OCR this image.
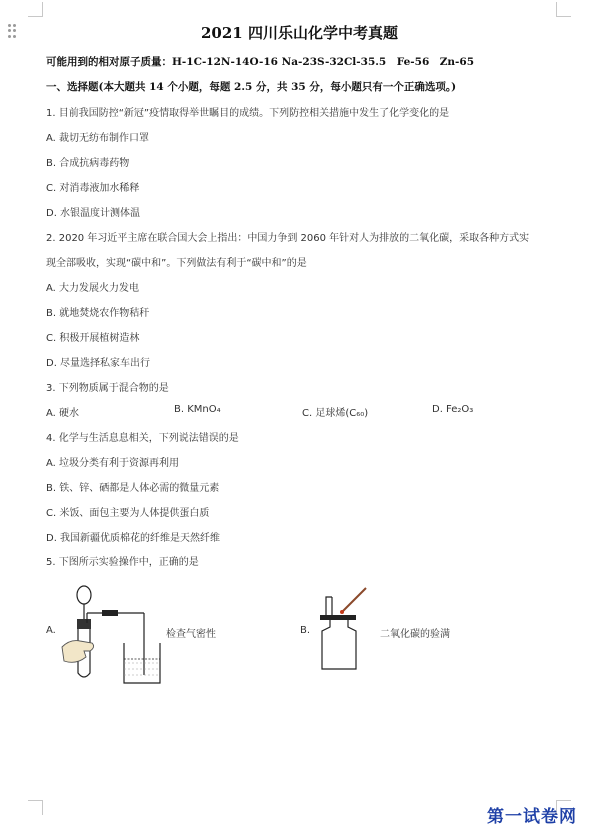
2021 四川乐山化学中考真题
可能用到的相对原子质量：H-1C-12N-14O-16 Na-23S-32Cl-35.5　Fe-56　Zn-65
一、选择题(本大题共 14 个小题，每题 2.5 分，共 35 分，每小题只有一个正确选项。)
1. 目前我国防控“新冠”疫情取得举世瞩目的成绩。下列防控相关措施中发生了化学变化的是
A. 裁切无纺布制作口罩
B. 合成抗病毒药物
C. 对消毒液加水稀释
D. 水银温度计测体温
2. 2020 年习近平主席在联合国大会上指出：中国力争到 2060 年针对人为排放的二氧化碳，采取各种方式实
现全部吸收，实现“碳中和”。下列做法有利于“碳中和”的是
A. 大力发展火力发电
B. 就地焚烧农作物秸秆
C. 积极开展植树造林
D. 尽量选择私家车出行
3. 下列物质属于混合物的是
A. 硬水	B. KMnO₄	C. 足球烯(C₆₀)	D. Fe₂O₃
4. 化学与生活息息相关，下列说法错误的是
A. 垃圾分类有利于资源再利用
B. 铁、锌、硒都是人体必需的微量元素
C. 米饭、面包主要为人体提供蛋白质
D. 我国新疆优质棉花的纤维是天然纤维
5. 下图所示实验操作中，正确的是
A.	检查气密性	B.	二氧化碳的验满
第一试卷网
